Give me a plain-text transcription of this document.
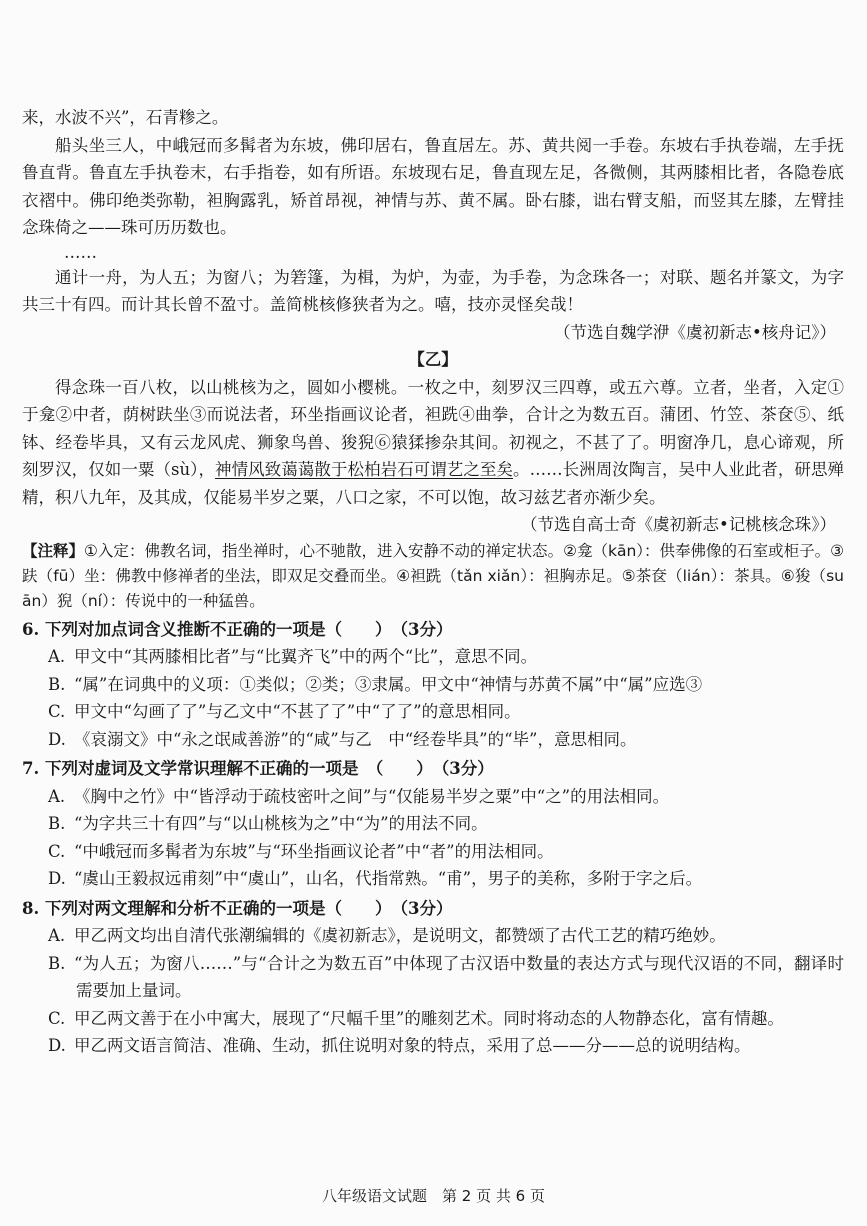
来，水波不兴”，石青糁之。

船头坐三人，中峨冠而多髯者为东坡，佛印居右，鲁直居左。苏、黄共阅一手卷。东坡右手执卷端，左手抚鲁直背。鲁直左手执卷末，右手指卷，如有所语。东坡现右足，鲁直现左足，各微侧，其两膝相比者，各隐卷底衣褶中。佛印绝类弥勒，袒胸露乳，矫首昂视，神情与苏、黄不属。卧右膝，诎右臂支船，而竖其左膝，左臂挂念珠倚之——珠可历历数也。

……

通计一舟，为人五；为窗八；为箬篷，为楫，为炉，为壶，为手卷，为念珠各一；对联、题名并篆文，为字共三十有四。而计其长曾不盈寸。盖简桃核修狭者为之。嘻，技亦灵怪矣哉！

（节选自魏学洢《虞初新志•核舟记》）

【乙】

得念珠一百八枚，以山桃核为之，圆如小樱桃。一枚之中，刻罗汉三四尊，或五六尊。立者，坐者，入定①于龛②中者，荫树趺坐③而说法者，环坐指画议论者，袒跣④曲拳，合计之为数五百。蒲团、竹笠、茶奁⑤、纸钵、经卷毕具，又有云龙风虎、狮象鸟兽、狻猊⑥猿猱掺杂其间。初视之，不甚了了。明窗净几，息心谛观，所刻罗汉，仅如一粟（sù），神情风致蔼蔼散于松柏岩石可谓艺之至矣。……长洲周汝陶言，吴中人业此者，研思殚精，积八九年，及其成，仅能易半岁之粟，八口之家，不可以饱，故习兹艺者亦渐少矣。

（节选自高士奇《虞初新志•记桃核念珠》）

【注释】①入定：佛教名词，指坐禅时，心不驰散，进入安静不动的禅定状态。②龛（kān）：供奉佛像的石室或柜子。③趺（fū）坐：佛教中修禅者的坐法，即双足交叠而坐。④袒跣（tǎn xiǎn）：袒胸赤足。⑤茶奁（lián）：茶具。⑥狻（suān）猊（ní）：传说中的一种猛兽。

6. 下列对加点词含义推断不正确的一项是（　　）　（3分）

A. 甲文中“其两膝相比者”与“比翼齐飞”中的两个“比”，意思不同。

B. “属”在词典中的义项：①类似；②类；③隶属。甲文中“神情与苏黄不属”中“属”应选③

C. 甲文中“勾画了了”与乙文中“不甚了了”中“了了”的意思相同。

D. 《哀溺文》中“永之氓咸善游”的“咸”与乙　中“经卷毕具”的“毕”，意思相同。

7. 下列对虚词及文学常识理解不正确的一项是　（　　）　（3分）

A. 《胸中之竹》中“皆浮动于疏枝密叶之间”与“仅能易半岁之粟”中“之”的用法相同。

B. “为字共三十有四”与“以山桃核为之”中“为”的用法不同。

C. “中峨冠而多髯者为东坡”与“环坐指画议论者”中“者”的用法相同。

D. “虞山王毅叔远甫刻”中“虞山”，山名，代指常熟。“甫”，男子的美称，多附于字之后。

8. 下列对两文理解和分析不正确的一项是（　　）　（3分）

A. 甲乙两文均出自清代张潮编辑的《虞初新志》，是说明文，都赞颂了古代工艺的精巧绝妙。

B. “为人五；为窗八……”与“合计之为数五百”中体现了古汉语中数量的表达方式与现代汉语的不同，翻译时需要加上量词。

C. 甲乙两文善于在小中寓大，展现了“尺幅千里”的雕刻艺术。同时将动态的人物静态化，富有情趣。

D. 甲乙两文语言简洁、准确、生动，抓住说明对象的特点，采用了总——分——总的说明结构。

八年级语文试题　第 2 页 共 6 页
